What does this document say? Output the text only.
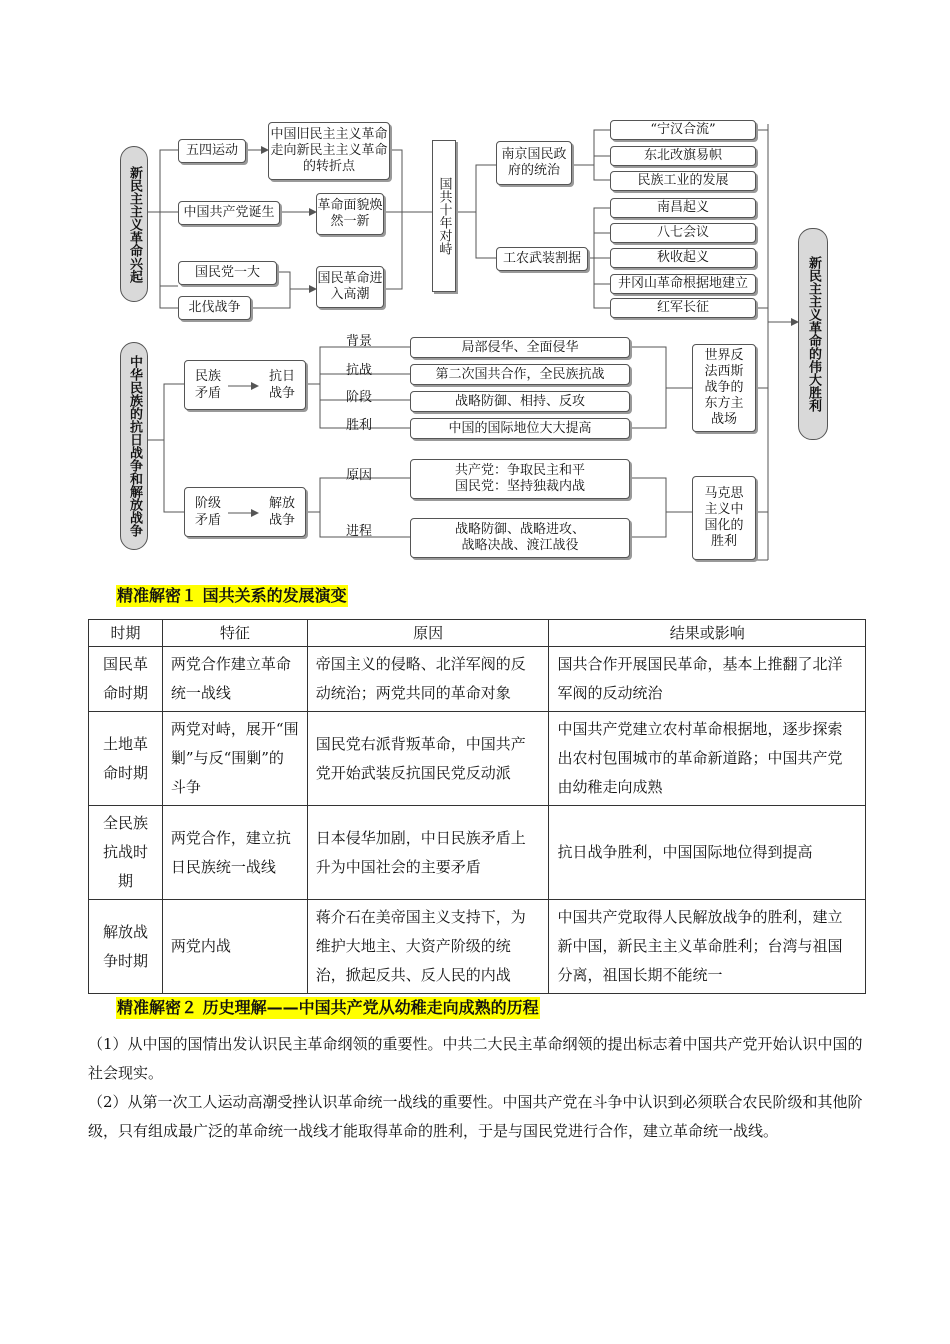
新民主主义革命兴起
中华民族的抗日战争和解放战争
新民主主义革命的伟大胜利
五四运动
中国旧民主主义革命走向新民主主义革命的转折点
中国共产党诞生	革命面貌焕然一新
国民党一大
北伐战争
国民革命进入高潮
国共十年对峙
南京国民政府的统治
工农武装割据
“宁汉合流”
东北改旗易帜
民族工业的发展
南昌起义
八七会议
秋收起义
井冈山革命根据地建立
红军长征
民族矛盾
抗日战争
阶级矛盾
解放战争
背景
抗战
阶段
胜利
局部侵华、全面侵华
第二次国共合作，全民族抗战
战略防御、相持、反攻
中国的国际地位大大提高
世界反法西斯战争的东方主战场
原因
进程
共产党：争取民主和平
国民党：坚持独裁内战
战略防御、战略进攻、
战略决战、渡江战役
马克思主义中国化的胜利
精准解密１ 国共关系的发展演变
时期	特征	原因	结果或影响
国民革命时期	两党合作建立革命统一战线	帝国主义的侵略、北洋军阀的反动统治；两党共同的革命对象	国共合作开展国民革命，基本上推翻了北洋军阀的反动统治
土地革命时期	两党对峙，展开“围剿”与反“围剿”的斗争	国民党右派背叛革命，中国共产党开始武装反抗国民党反动派	中国共产党建立农村革命根据地，逐步探索出农村包围城市的革命新道路；中国共产党由幼稚走向成熟
全民族抗战时期	两党合作，建立抗日民族统一战线	日本侵华加剧，中日民族矛盾上升为中国社会的主要矛盾	抗日战争胜利，中国国际地位得到提高
解放战争时期	两党内战	蒋介石在美帝国主义支持下，为维护大地主、大资产阶级的统治，掀起反共、反人民的内战	中国共产党取得人民解放战争的胜利，建立新中国，新民主主义革命胜利；台湾与祖国分离，祖国长期不能统一
精准解密２ 历史理解——中国共产党从幼稚走向成熟的历程
（1）从中国的国情出发认识民主革命纲领的重要性。中共二大民主革命纲领的提出标志着中国共产党开始认识中国的社会现实。
（2）从第一次工人运动高潮受挫认识革命统一战线的重要性。中国共产党在斗争中认识到必须联合农民阶级和其他阶级，只有组成最广泛的革命统一战线才能取得革命的胜利，于是与国民党进行合作，建立革命统一战线。
